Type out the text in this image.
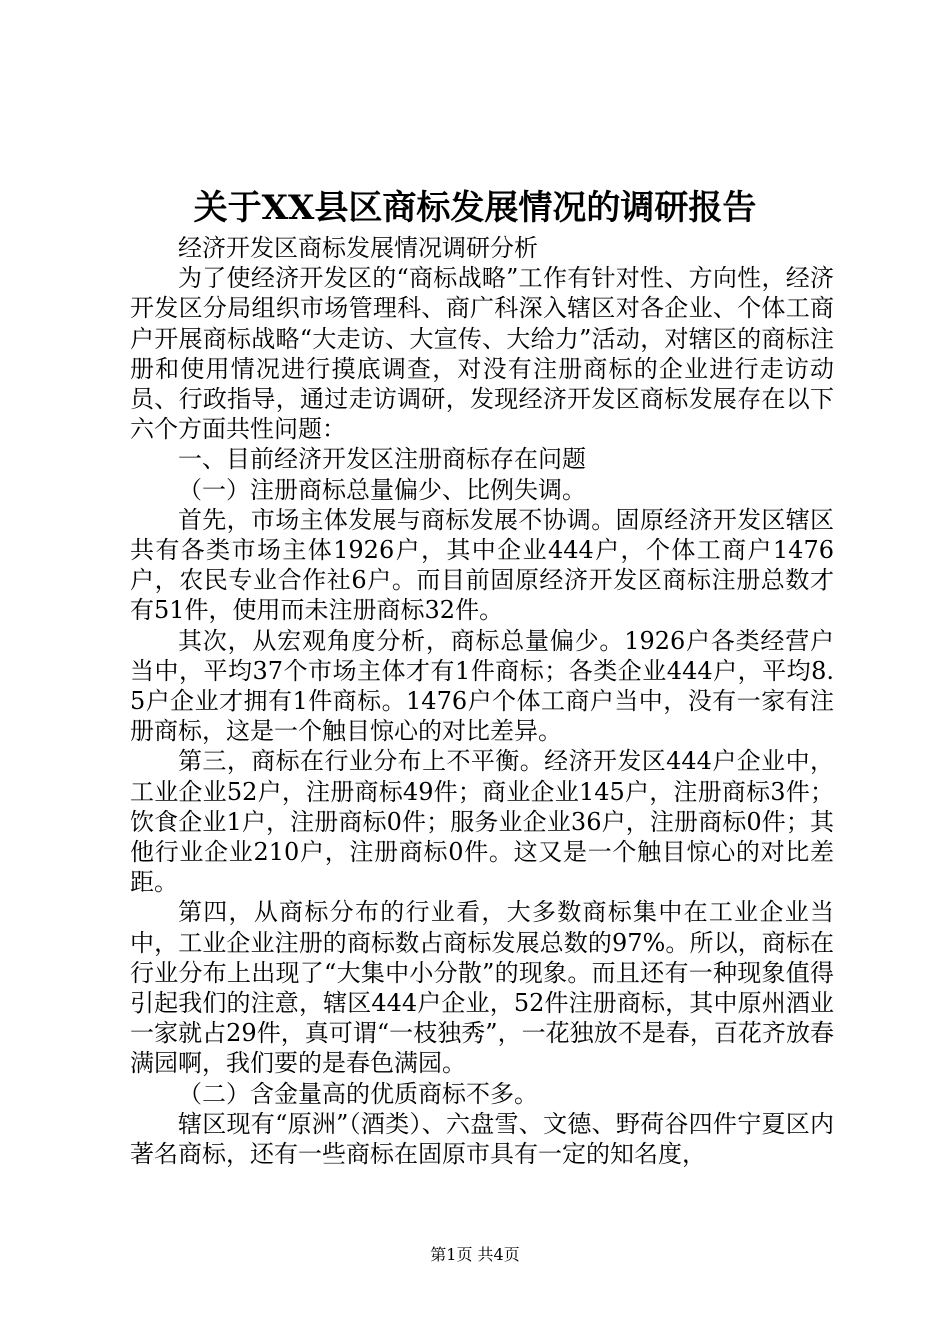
关于XX县区商标发展情况的调研报告

经济开发区商标发展情况调研分析

为了使经济开发区的“商标战略”工作有针对性、方向性，经济开发区分局组织市场管理科、商广科深入辖区对各企业、个体工商户开展商标战略“大走访、大宣传、大给力”活动，对辖区的商标注册和使用情况进行摸底调查，对没有注册商标的企业进行走访动员、行政指导，通过走访调研，发现经济开发区商标发展存在以下六个方面共性问题：

一、目前经济开发区注册商标存在问题

（一）注册商标总量偏少、比例失调。

首先，市场主体发展与商标发展不协调。固原经济开发区辖区共有各类市场主体1926户，其中企业444户，个体工商户1476户，农民专业合作社6户。而目前固原经济开发区商标注册总数才有51件，使用而未注册商标32件。

其次，从宏观角度分析，商标总量偏少。1926户各类经营户当中，平均37个市场主体才有1件商标；各类企业444户，平均8.5户企业才拥有1件商标。1476户个体工商户当中，没有一家有注册商标，这是一个触目惊心的对比差异。

第三，商标在行业分布上不平衡。经济开发区444户企业中，工业企业52户，注册商标49件；商业企业145户，注册商标3件；饮食企业1户，注册商标0件；服务业企业36户，注册商标0件；其他行业企业210户，注册商标0件。这又是一个触目惊心的对比差距。

第四，从商标分布的行业看，大多数商标集中在工业企业当中，工业企业注册的商标数占商标发展总数的97%。所以，商标在行业分布上出现了“大集中小分散”的现象。而且还有一种现象值得引起我们的注意，辖区444户企业，52件注册商标，其中原州酒业一家就占29件，真可谓“一枝独秀”，一花独放不是春，百花齐放春满园啊，我们要的是春色满园。

（二）含金量高的优质商标不多。

辖区现有“原洲”（酒类）、六盘雪、文德、野荷谷四件宁夏区内著名商标，还有一些商标在固原市具有一定的知名度，

第1页 共4页
